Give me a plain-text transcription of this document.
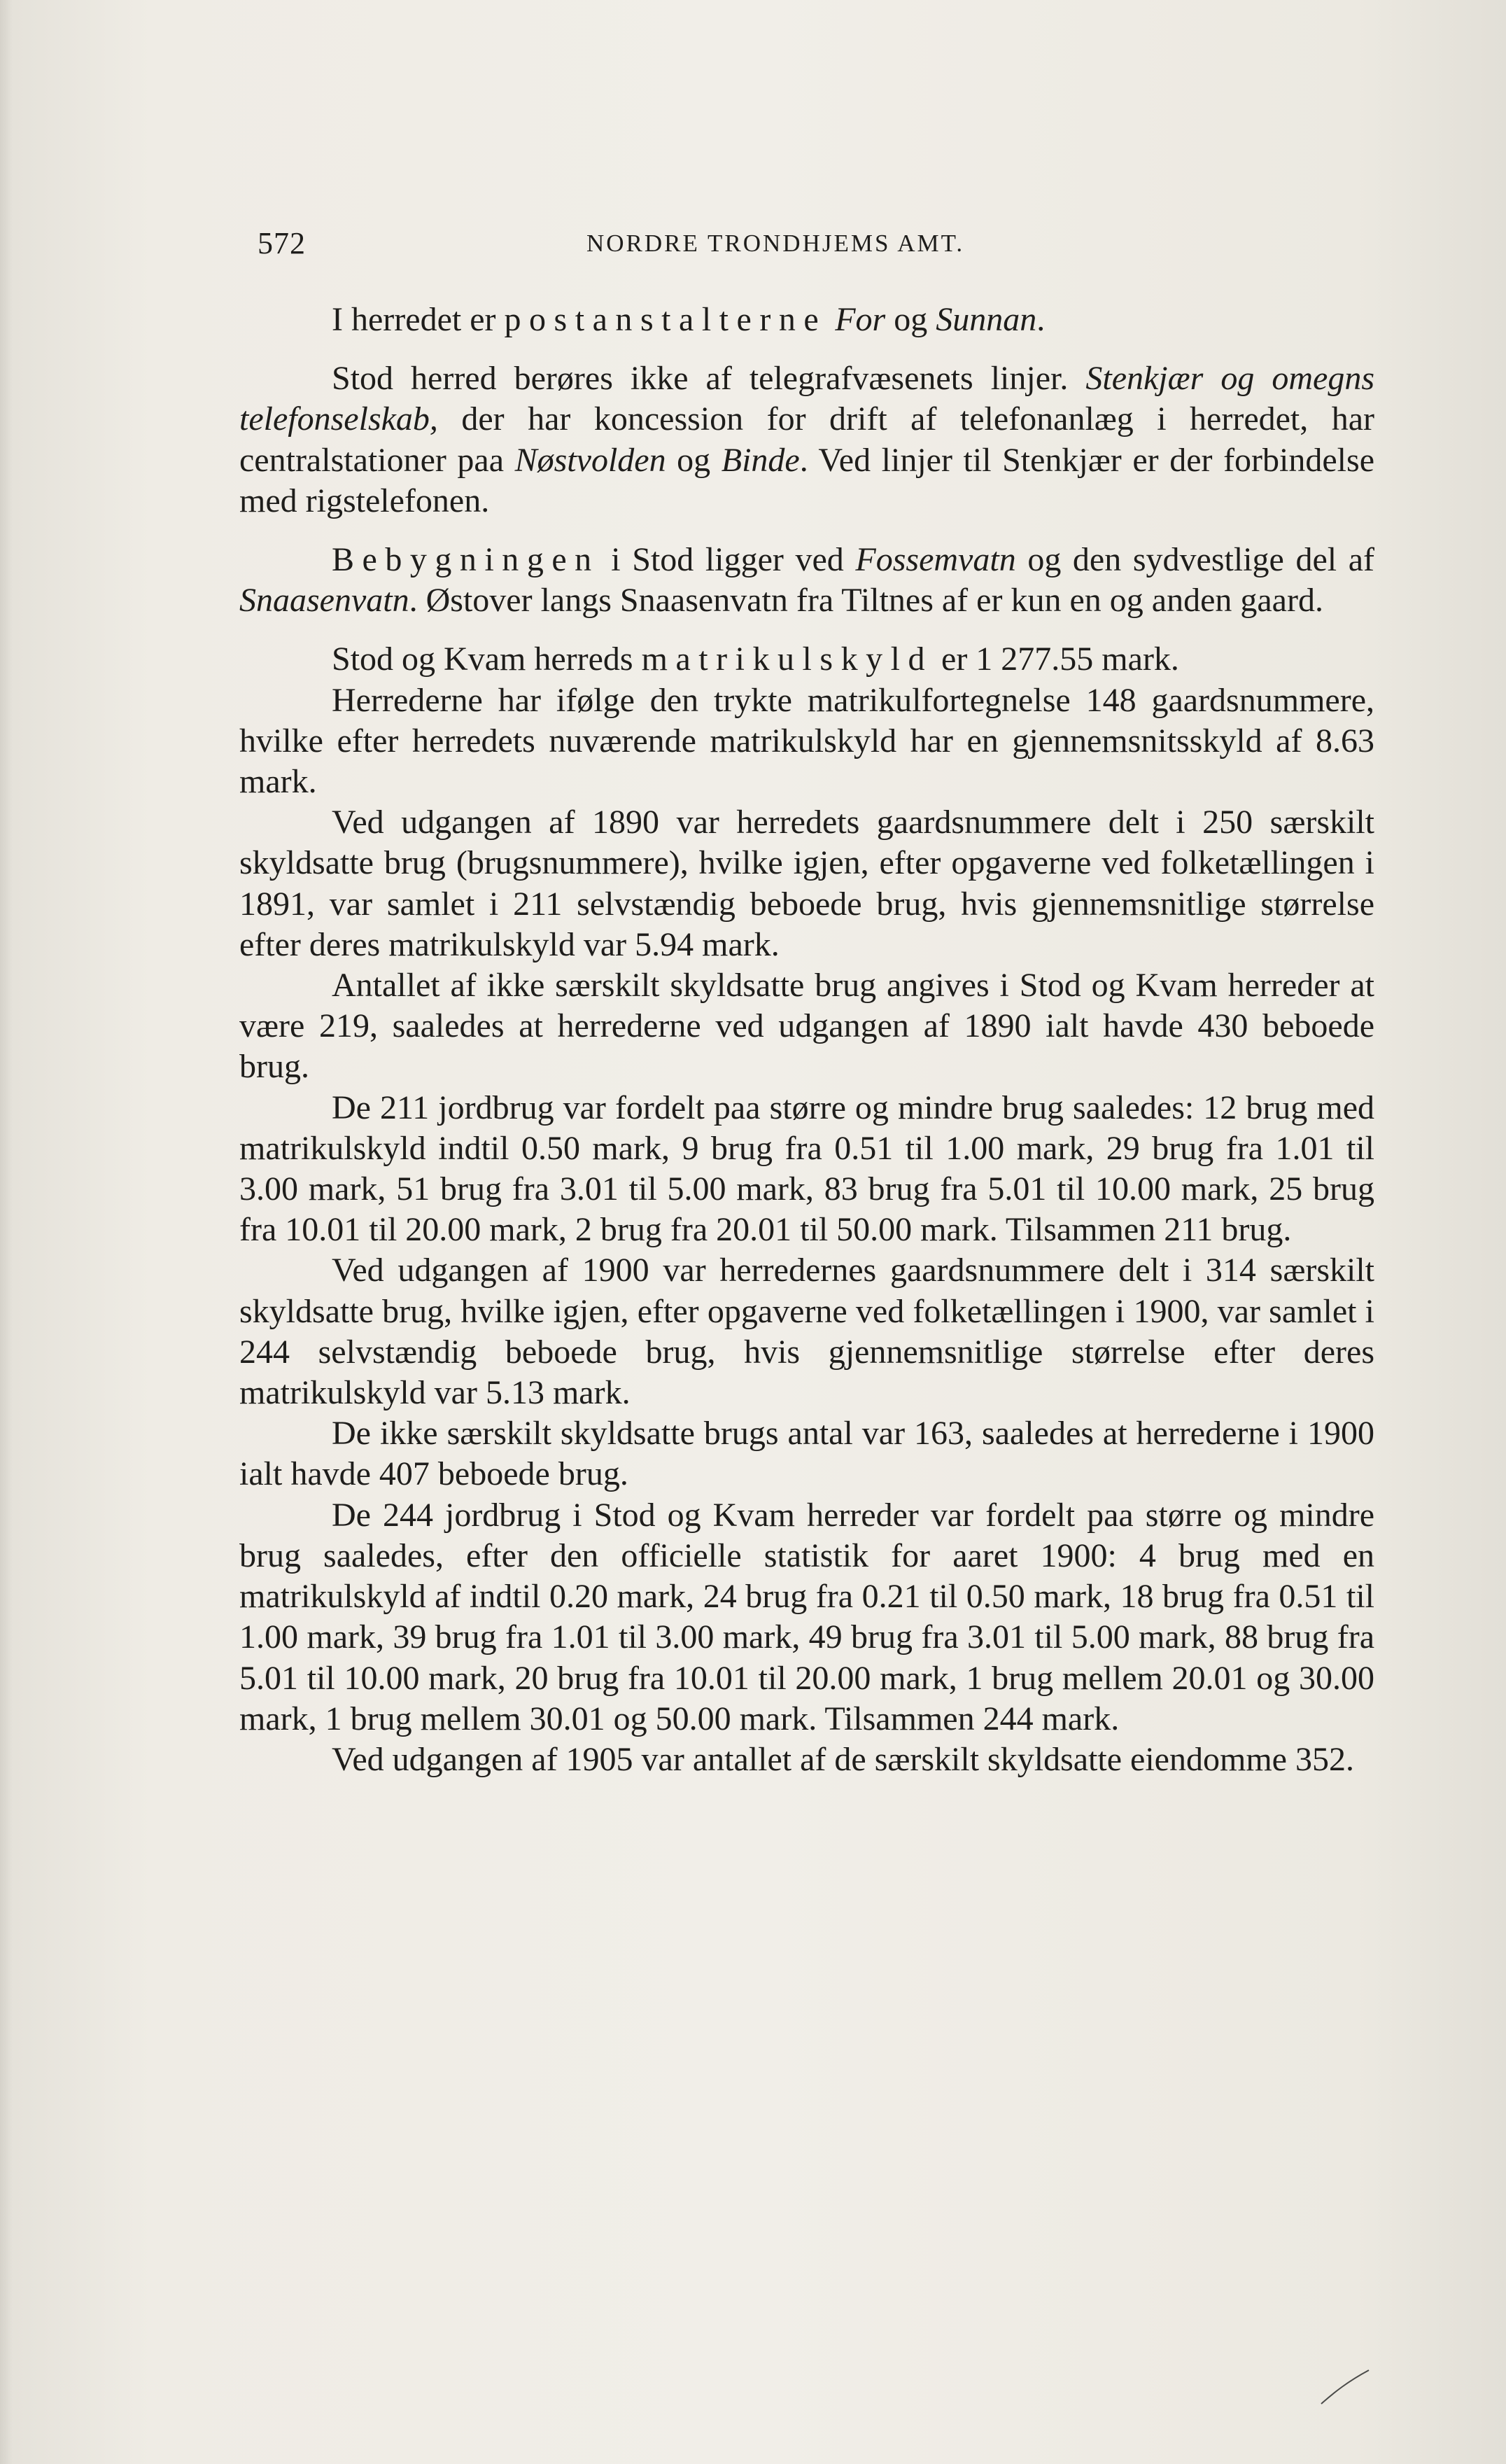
572	NORDRE TRONDHJEMS AMT.

I herredet er postanstalterne For og Sunnan.

Stod herred berøres ikke af telegrafvæsenets linjer. Stenkjær og omegns telefonselskab, der har koncession for drift af telefonanlæg i herredet, har centralstationer paa Nøstvolden og Binde. Ved linjer til Stenkjær er der forbindelse med rigstelefonen.

Bebygningen i Stod ligger ved Fossemvatn og den sydvestlige del af Snaasenvatn. Østover langs Snaasenvatn fra Tiltnes af er kun en og anden gaard.

Stod og Kvam herreds matrikulskyld er 1 277.55 mark.

Herrederne har ifølge den trykte matrikulfortegnelse 148 gaardsnummere, hvilke efter herredets nuværende matrikulskyld har en gjennemsnitsskyld af 8.63 mark.

Ved udgangen af 1890 var herredets gaardsnummere delt i 250 særskilt skyldsatte brug (brugsnummere), hvilke igjen, efter opgaverne ved folketællingen i 1891, var samlet i 211 selvstændig beboede brug, hvis gjennemsnitlige størrelse efter deres matrikulskyld var 5.94 mark.

Antallet af ikke særskilt skyldsatte brug angives i Stod og Kvam herreder at være 219, saaledes at herrederne ved udgangen af 1890 ialt havde 430 beboede brug.

De 211 jordbrug var fordelt paa større og mindre brug saaledes: 12 brug med matrikulskyld indtil 0.50 mark, 9 brug fra 0.51 til 1.00 mark, 29 brug fra 1.01 til 3.00 mark, 51 brug fra 3.01 til 5.00 mark, 83 brug fra 5.01 til 10.00 mark, 25 brug fra 10.01 til 20.00 mark, 2 brug fra 20.01 til 50.00 mark. Tilsammen 211 brug.

Ved udgangen af 1900 var herredernes gaardsnummere delt i 314 særskilt skyldsatte brug, hvilke igjen, efter opgaverne ved folketællingen i 1900, var samlet i 244 selvstændig beboede brug, hvis gjennemsnitlige størrelse efter deres matrikulskyld var 5.13 mark.

De ikke særskilt skyldsatte brugs antal var 163, saaledes at herrederne i 1900 ialt havde 407 beboede brug.

De 244 jordbrug i Stod og Kvam herreder var fordelt paa større og mindre brug saaledes, efter den officielle statistik for aaret 1900: 4 brug med en matrikulskyld af indtil 0.20 mark, 24 brug fra 0.21 til 0.50 mark, 18 brug fra 0.51 til 1.00 mark, 39 brug fra 1.01 til 3.00 mark, 49 brug fra 3.01 til 5.00 mark, 88 brug fra 5.01 til 10.00 mark, 20 brug fra 10.01 til 20.00 mark, 1 brug mellem 20.01 og 30.00 mark, 1 brug mellem 30.01 og 50.00 mark. Tilsammen 244 mark.

Ved udgangen af 1905 var antallet af de særskilt skyldsatte eiendomme 352.
